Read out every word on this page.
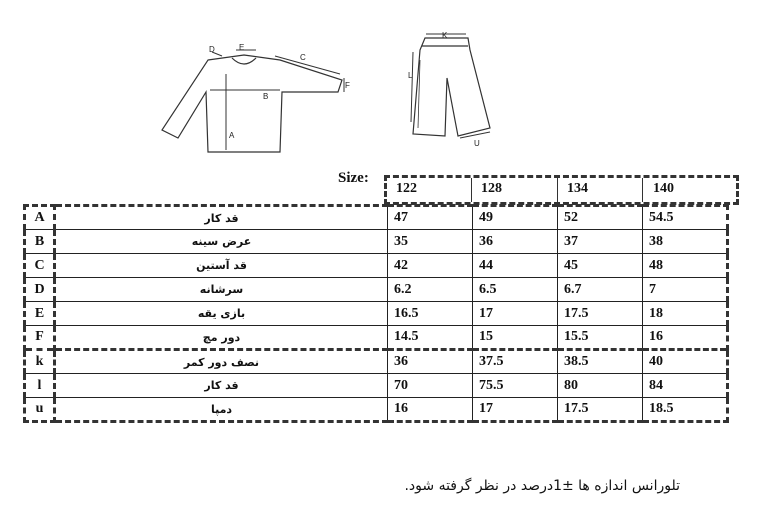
D	E
C
F
B
A
K
L
U
Size:
122	128	134	140
A	قد کار	47	49	52	54.5
B	عرض سینه	35	36	37	38
C	قد آستین	42	44	45	48
D	سرشانه	6.2	6.5	6.7	7
E	بازی یقه	16.5	17	17.5	18
F	دور مچ	14.5	15	15.5	16
k	نصف دور کمر	36	37.5	38.5	40
l	قد کار	70	75.5	80	84
u	دمپا	16	17	17.5	18.5
تلورانس اندازه ها ±1درصد در نظر گرفته شود.
